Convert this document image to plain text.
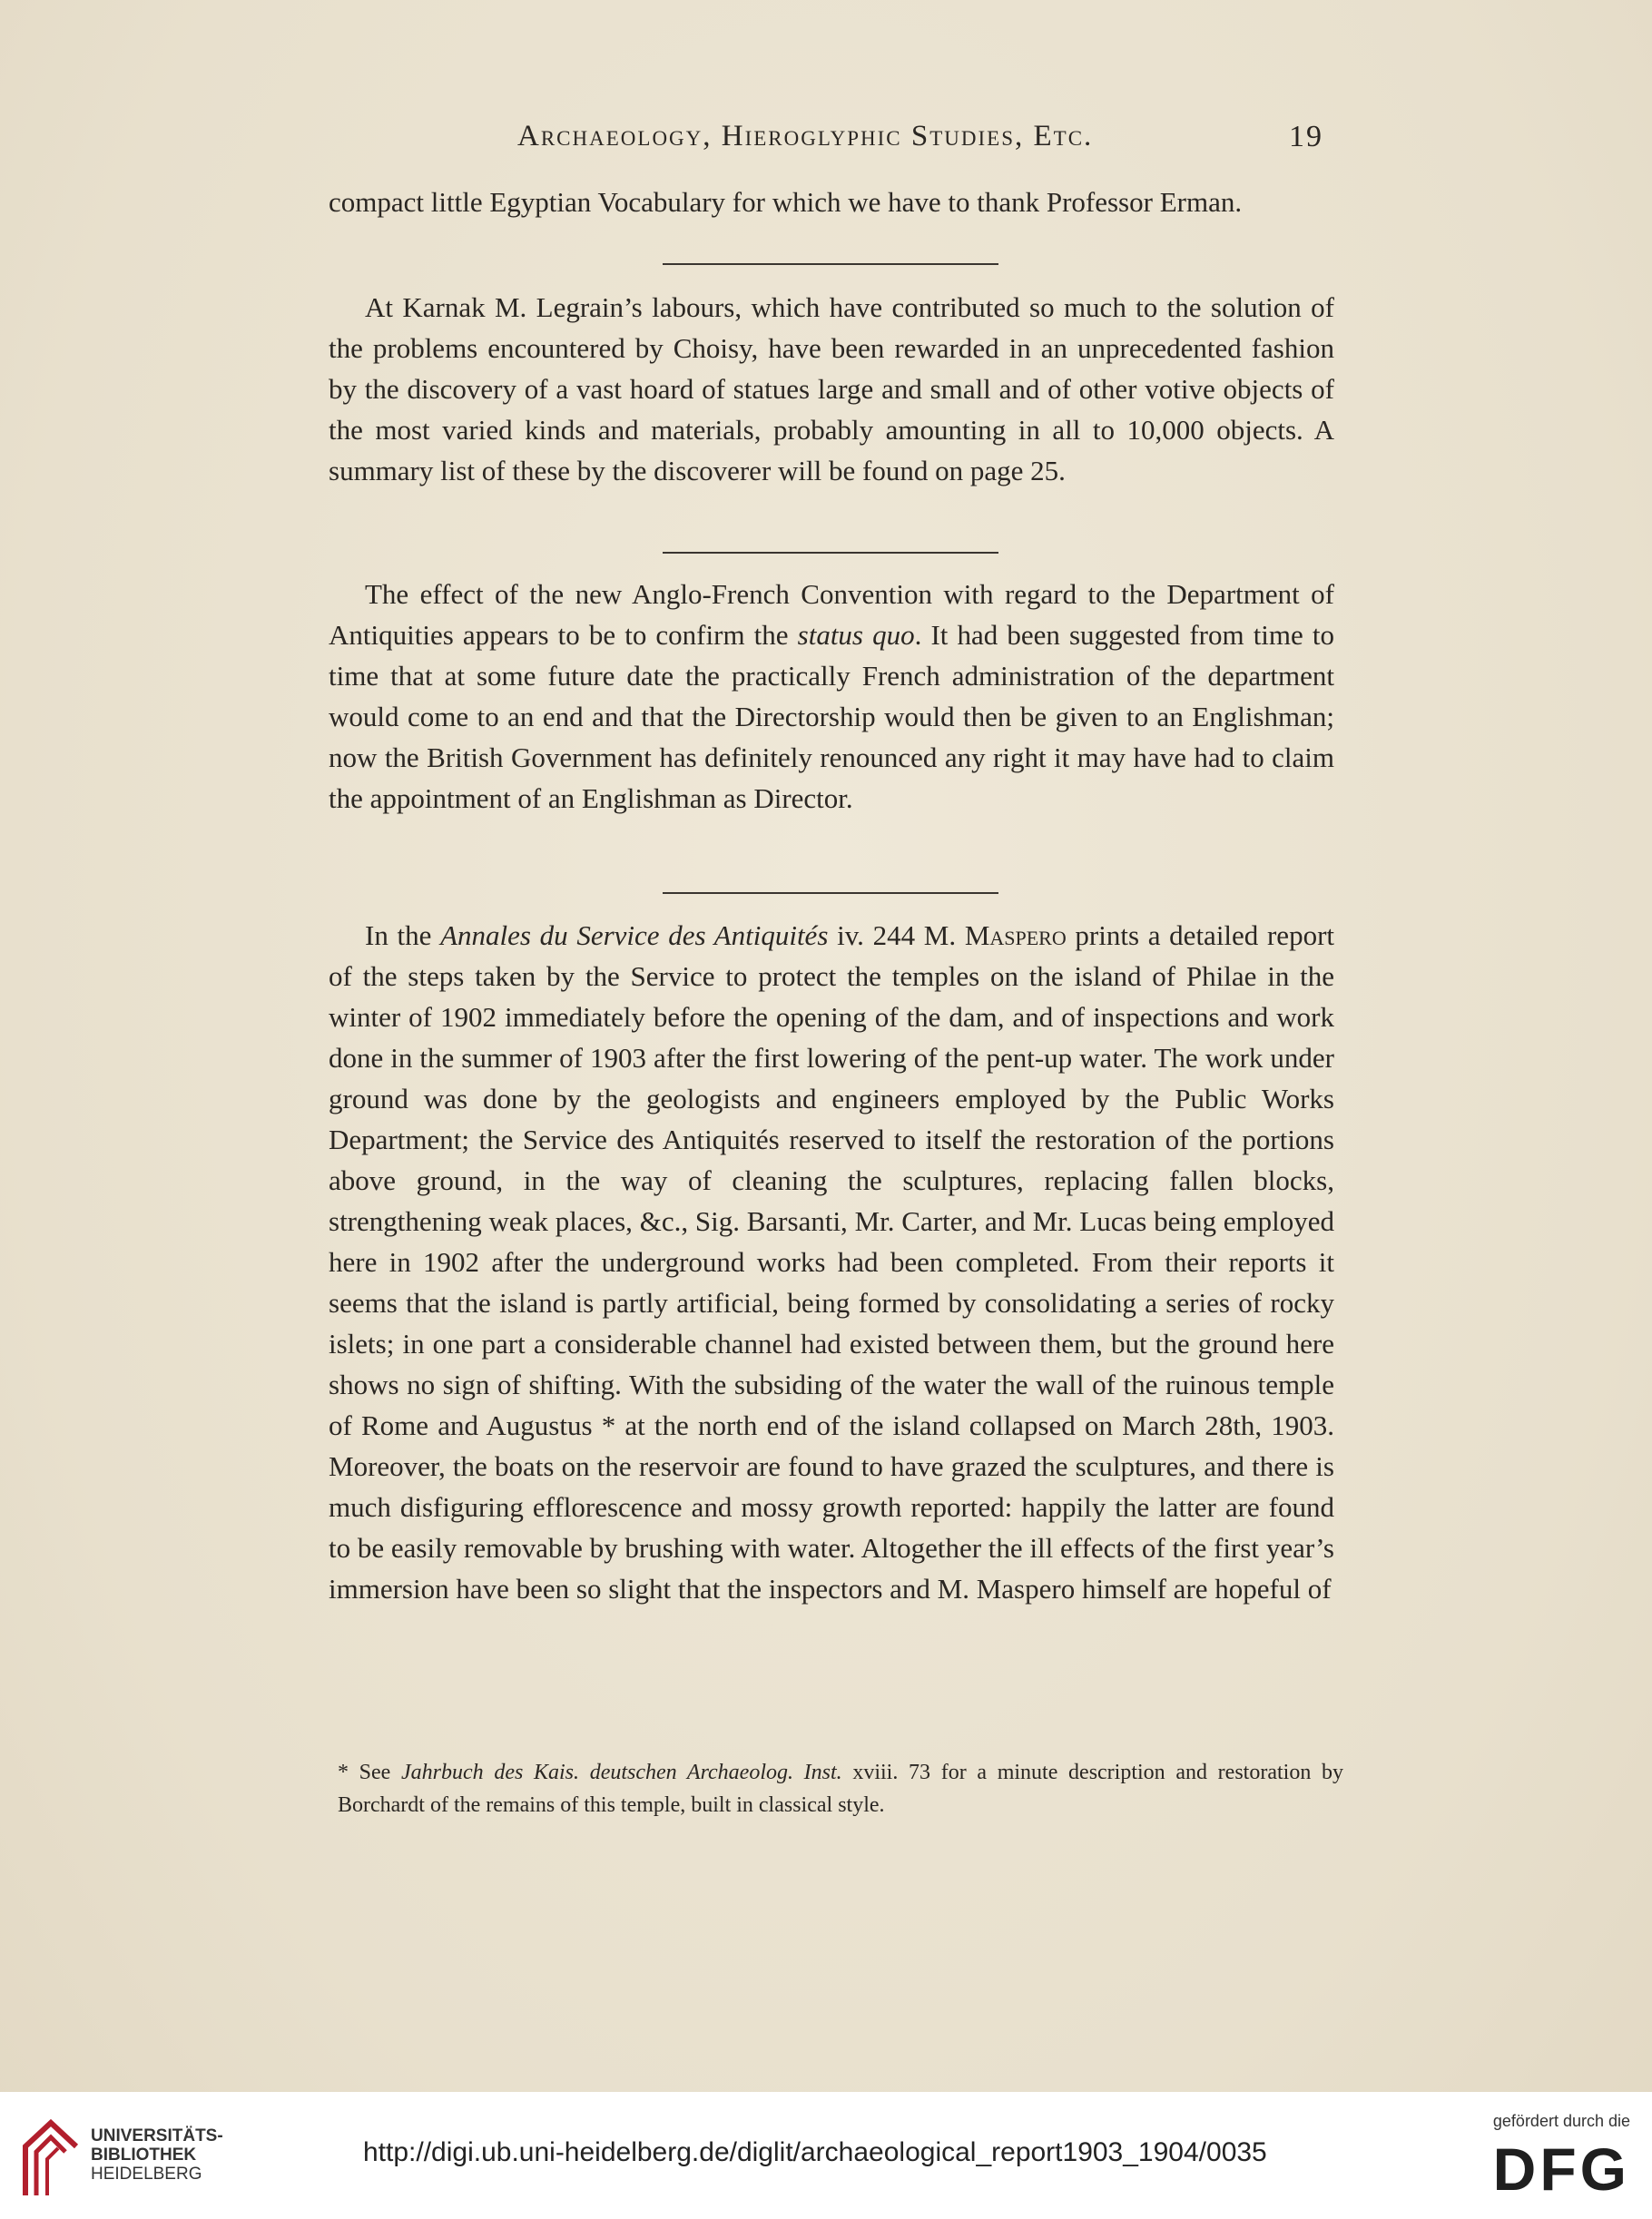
Archaeology, Hieroglyphic Studies, Etc.	19
compact little Egyptian Vocabulary for which we have to thank Professor Erman.
At Karnak M. Legrain’s labours, which have contributed so much to the solution of the problems encountered by Choisy, have been rewarded in an unprecedented fashion by the discovery of a vast hoard of statues large and small and of other votive objects of the most varied kinds and materials, probably amounting in all to 10,000 objects. A summary list of these by the discoverer will be found on page 25.
The effect of the new Anglo-French Convention with regard to the Department of Antiquities appears to be to confirm the status quo. It had been suggested from time to time that at some future date the practically French administration of the department would come to an end and that the Directorship would then be given to an Englishman; now the British Government has definitely renounced any right it may have had to claim the appointment of an Englishman as Director.
In the Annales du Service des Antiquités iv. 244 M. Maspero prints a detailed report of the steps taken by the Service to protect the temples on the island of Philae in the winter of 1902 immediately before the opening of the dam, and of inspections and work done in the summer of 1903 after the first lowering of the pent-up water. The work under ground was done by the geologists and engineers employed by the Public Works Department; the Service des Antiquités reserved to itself the restoration of the portions above ground, in the way of cleaning the sculptures, replacing fallen blocks, strengthening weak places, &c., Sig. Barsanti, Mr. Carter, and Mr. Lucas being employed here in 1902 after the underground works had been completed. From their reports it seems that the island is partly artificial, being formed by consolidating a series of rocky islets; in one part a considerable channel had existed between them, but the ground here shows no sign of shifting. With the subsiding of the water the wall of the ruinous temple of Rome and Augustus * at the north end of the island collapsed on March 28th, 1903. Moreover, the boats on the reservoir are found to have grazed the sculptures, and there is much disfiguring efflorescence and mossy growth reported: happily the latter are found to be easily removable by brushing with water. Altogether the ill effects of the first year’s immersion have been so slight that the inspectors and M. Maspero himself are hopeful of
* See Jahrbuch des Kais. deutschen Archaeolog. Inst. xviii. 73 for a minute description and restoration by Borchardt of the remains of this temple, built in classical style.
UNIVERSITÄTS-
BIBLIOTHEK
HEIDELBERG
http://digi.ub.uni-heidelberg.de/diglit/archaeological_report1903_1904/0035
gefördert durch die
DFG
